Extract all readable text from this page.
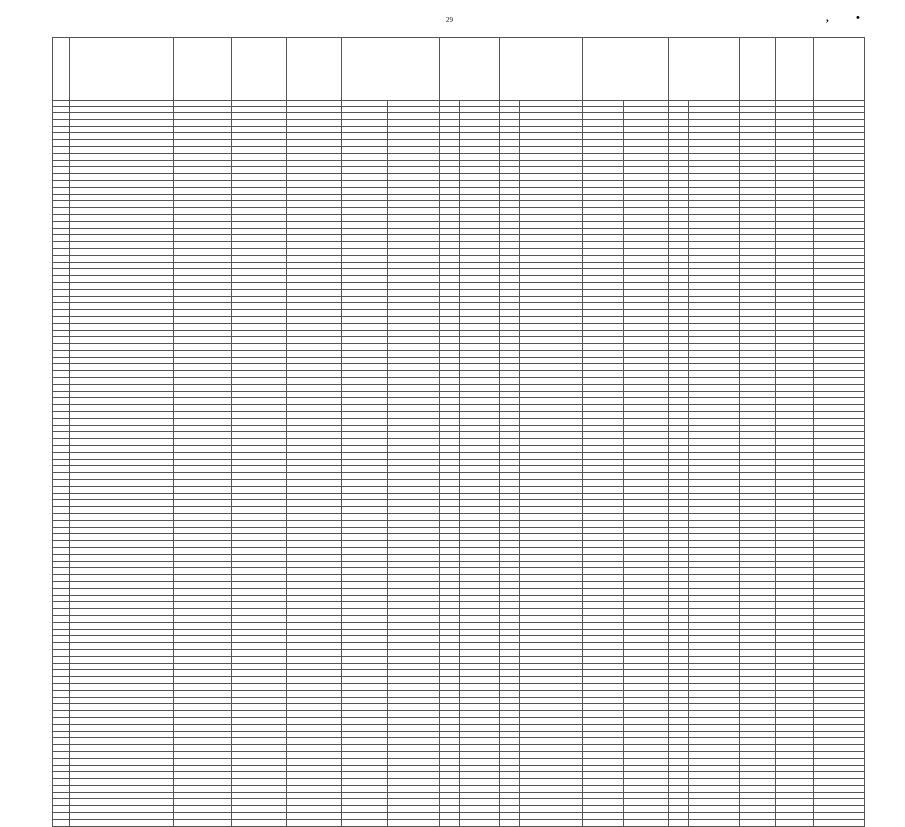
, •
29
